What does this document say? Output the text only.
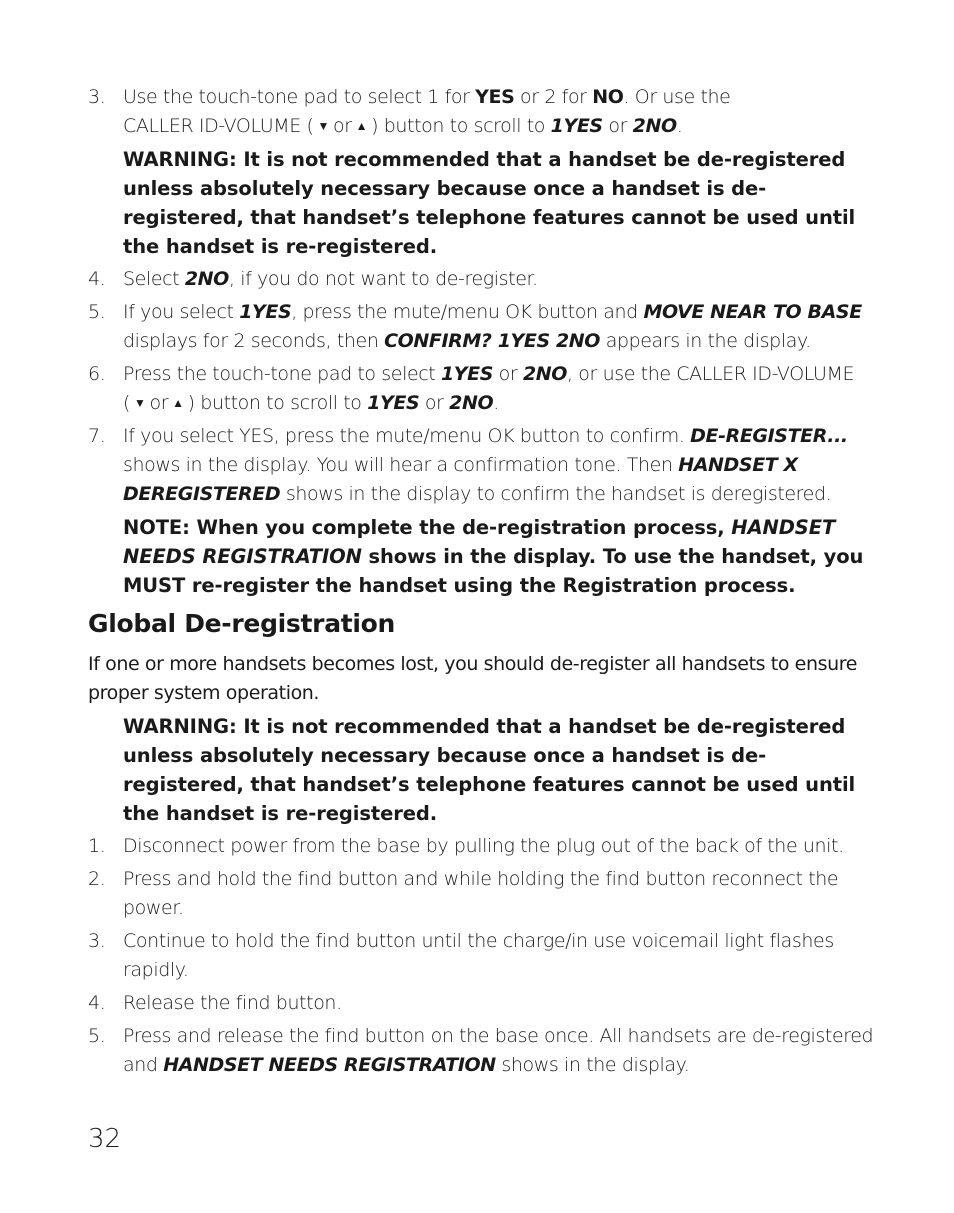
3. Use the touch-tone pad to select 1 for YES or 2 for NO. Or use the
CALLER ID-VOLUME ( ▼ or ▲ ) button to scroll to 1YES or 2NO.
WARNING: It is not recommended that a handset be de-registered unless absolutely necessary because once a handset is de-registered, that handset’s telephone features cannot be used until the handset is re-registered.
4. Select 2NO, if you do not want to de-register.
5. If you select 1YES, press the mute/menu OK button and MOVE NEAR TO BASE displays for 2 seconds, then CONFIRM? 1YES 2NO appears in the display.
6. Press the touch-tone pad to select 1YES or 2NO, or use the CALLER ID-VOLUME
( ▼ or ▲ ) button to scroll to 1YES or 2NO.
7. If you select YES, press the mute/menu OK button to confirm. DE-REGISTER... shows in the display. You will hear a confirmation tone. Then HANDSET X DEREGISTERED shows in the display to confirm the handset is deregistered.
NOTE: When you complete the de-registration process, HANDSET NEEDS REGISTRATION shows in the display. To use the handset, you MUST re-register the handset using the Registration process.
Global De-registration
If one or more handsets becomes lost, you should de-register all handsets to ensure proper system operation.
WARNING: It is not recommended that a handset be de-registered unless absolutely necessary because once a handset is de-registered, that handset’s telephone features cannot be used until the handset is re-registered.
1. Disconnect power from the base by pulling the plug out of the back of the unit.
2. Press and hold the find button and while holding the find button reconnect the power.
3. Continue to hold the find button until the charge/in use voicemail light flashes rapidly.
4. Release the find button.
5. Press and release the find button on the base once. All handsets are de-registered and HANDSET NEEDS REGISTRATION shows in the display.
32
